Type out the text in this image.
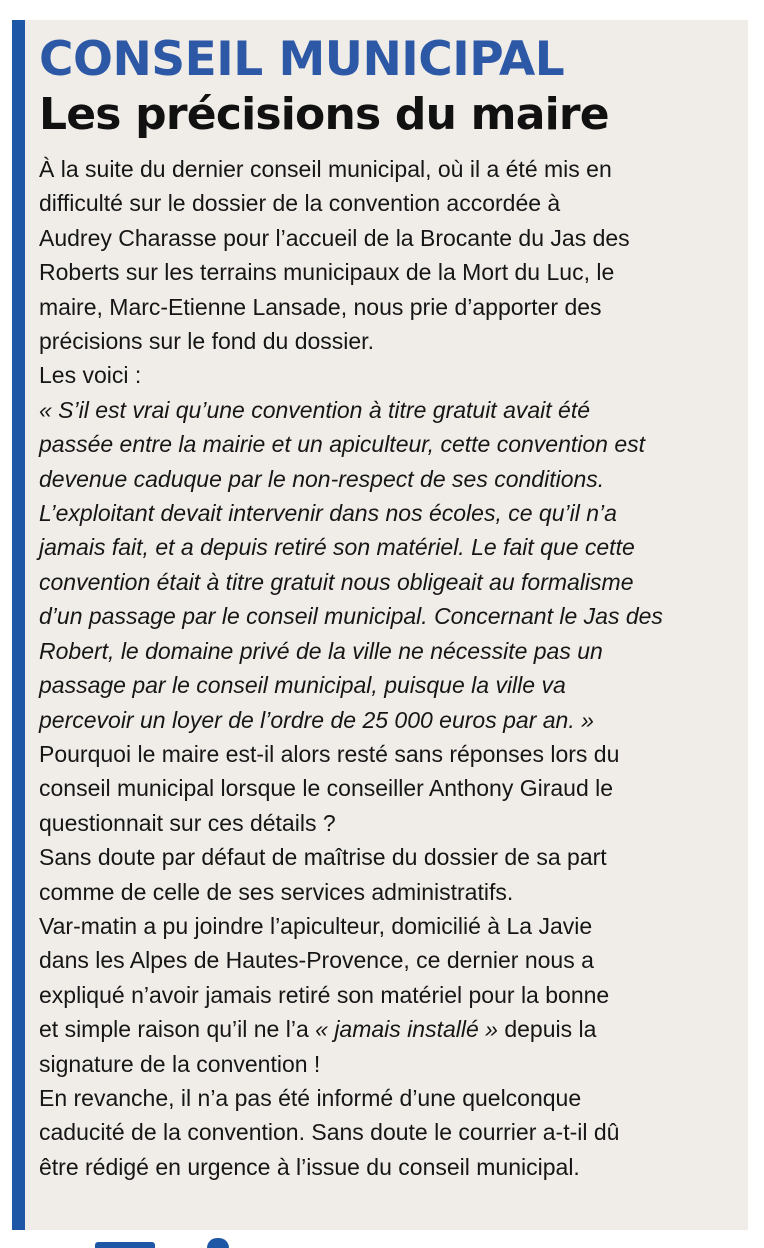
CONSEIL MUNICIPAL
Les précisions du maire
À la suite du dernier conseil municipal, où il a été mis en
difficulté sur le dossier de la convention accordée à
Audrey Charasse pour l’accueil de la Brocante du Jas des
Roberts sur les terrains municipaux de la Mort du Luc, le
maire, Marc-Etienne Lansade, nous prie d’apporter des
précisions sur le fond du dossier.
Les voici :
« S’il est vrai qu’une convention à titre gratuit avait été
passée entre la mairie et un apiculteur, cette convention est
devenue caduque par le non-respect de ses conditions.
L’exploitant devait intervenir dans nos écoles, ce qu’il n’a
jamais fait, et a depuis retiré son matériel. Le fait que cette
convention était à titre gratuit nous obligeait au formalisme
d’un passage par le conseil municipal. Concernant le Jas des
Robert, le domaine privé de la ville ne nécessite pas un
passage par le conseil municipal, puisque la ville va
percevoir un loyer de l’ordre de 25 000 euros par an. »
Pourquoi le maire est-il alors resté sans réponses lors du
conseil municipal lorsque le conseiller Anthony Giraud le
questionnait sur ces détails ?
Sans doute par défaut de maîtrise du dossier de sa part
comme de celle de ses services administratifs.
Var-matin a pu joindre l’apiculteur, domicilié à La Javie
dans les Alpes de Hautes-Provence, ce dernier nous a
expliqué n’avoir jamais retiré son matériel pour la bonne
et simple raison qu’il ne l’a « jamais installé » depuis la
signature de la convention !
En revanche, il n’a pas été informé d’une quelconque
caducité de la convention. Sans doute le courrier a-t-il dû
être rédigé en urgence à l’issue du conseil municipal.
